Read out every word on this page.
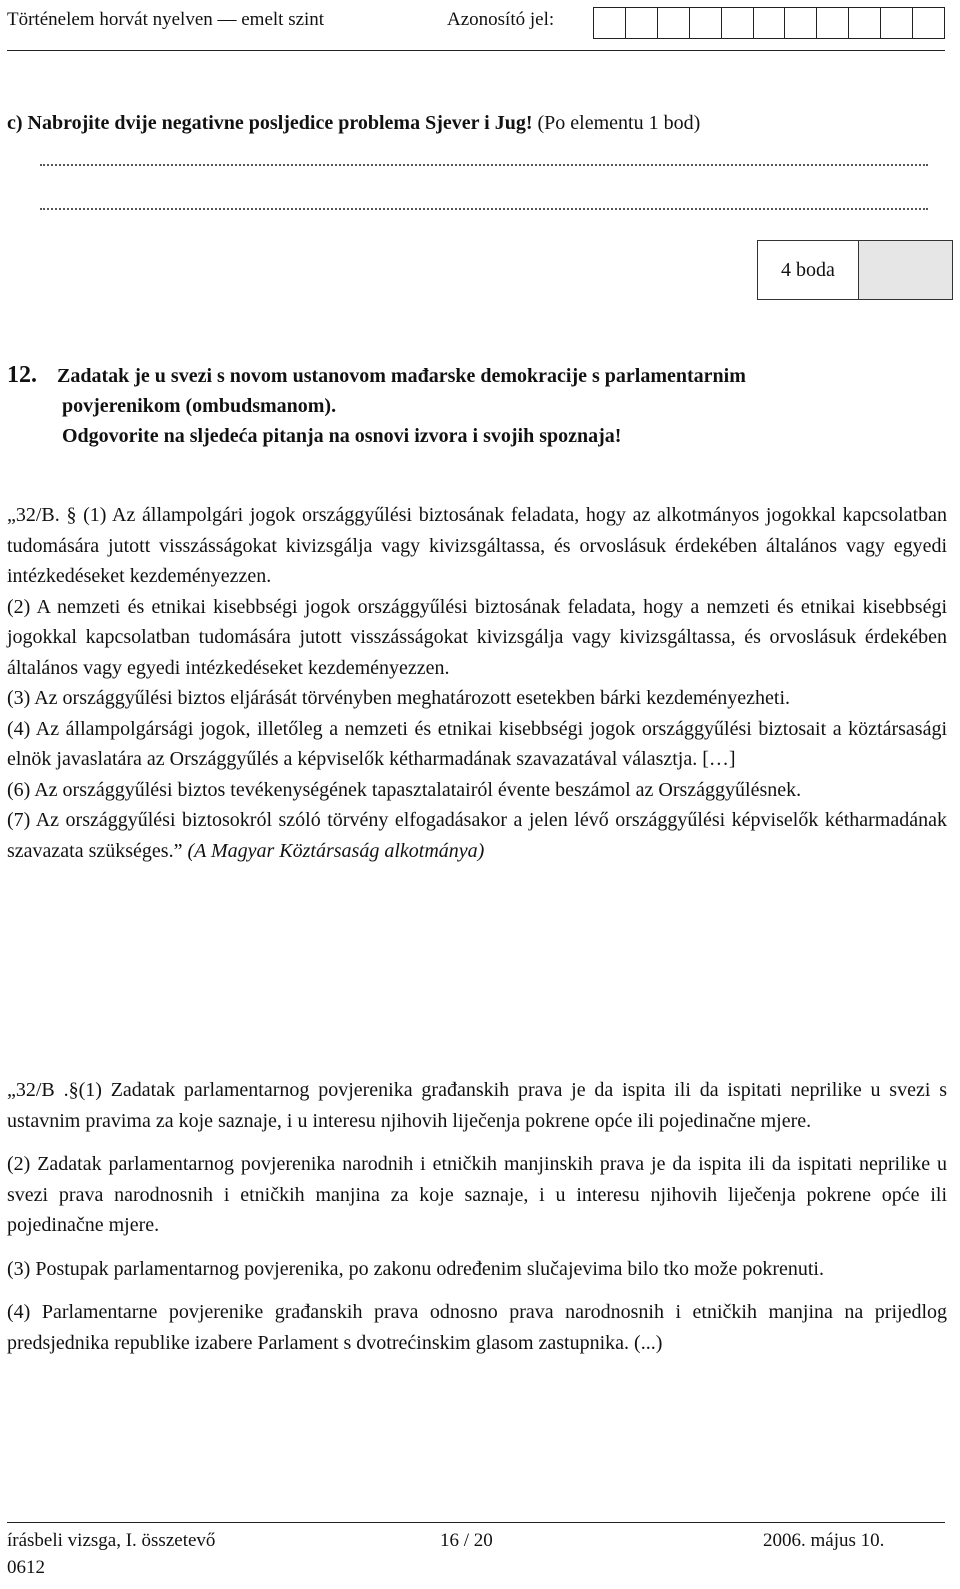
Történelem horvát nyelven — emelt szint	Azonosító jel:
c) Nabrojite dvije negativne posljedice problema Sjever i Jug! (Po elementu 1 bod)
4 boda
12. Zadatak je u svezi s novom ustanovom mađarske demokracije s parlamentarnim
povjerenikom (ombudsmanom).
Odgovorite na sljedeća pitanja na osnovi izvora i svojih spoznaja!

„32/B. § (1) Az állampolgári jogok országgyűlési biztosának feladata, hogy az alkotmányos jogokkal kapcsolatban tudomására jutott visszásságokat kivizsgálja vagy kivizsgáltassa, és orvoslásuk érdekében általános vagy egyedi intézkedéseket kezdeményezzen.

(2) A nemzeti és etnikai kisebbségi jogok országgyűlési biztosának feladata, hogy a nemzeti és etnikai kisebbségi jogokkal kapcsolatban tudomására jutott visszásságokat kivizsgálja vagy kivizsgáltassa, és orvoslásuk érdekében általános vagy egyedi intézkedéseket kezdeményezzen.

(3) Az országgyűlési biztos eljárását törvényben meghatározott esetekben bárki kezdeményezheti.

(4) Az állampolgársági jogok, illetőleg a nemzeti és etnikai kisebbségi jogok országgyűlési biztosait a köztársasági elnök javaslatára az Országgyűlés a képviselők kétharmadának szavazatával választja. […]

(6) Az országgyűlési biztos tevékenységének tapasztalatairól évente beszámol az Országgyűlésnek.

(7) Az országgyűlési biztosokról szóló törvény elfogadásakor a jelen lévő országgyűlési képviselők kétharmadának szavazata szükséges.” (A Magyar Köztársaság alkotmánya)

„32/B .§(1) Zadatak parlamentarnog povjerenika građanskih prava je da ispita ili da ispitati neprilike u svezi s ustavnim pravima za koje saznaje, i u interesu njihovih liječenja pokrene opće ili pojedinačne mjere.

(2) Zadatak parlamentarnog povjerenika narodnih i etničkih manjinskih prava je da ispita ili da ispitati neprilike u svezi prava narodnosnih i etničkih manjina za koje saznaje, i u interesu njihovih liječenja pokrene opće ili pojedinačne mjere.

(3) Postupak parlamentarnog povjerenika, po zakonu određenim slučajevima bilo tko može pokrenuti.

(4) Parlamentarne povjerenike građanskih prava odnosno prava narodnosnih i etničkih manjina na prijedlog predsjednika republike izabere Parlament s dvotrećinskim glasom zastupnika. (...)

írásbeli vizsga, I. összetevő	16 / 20	2006. május 10.
0612
